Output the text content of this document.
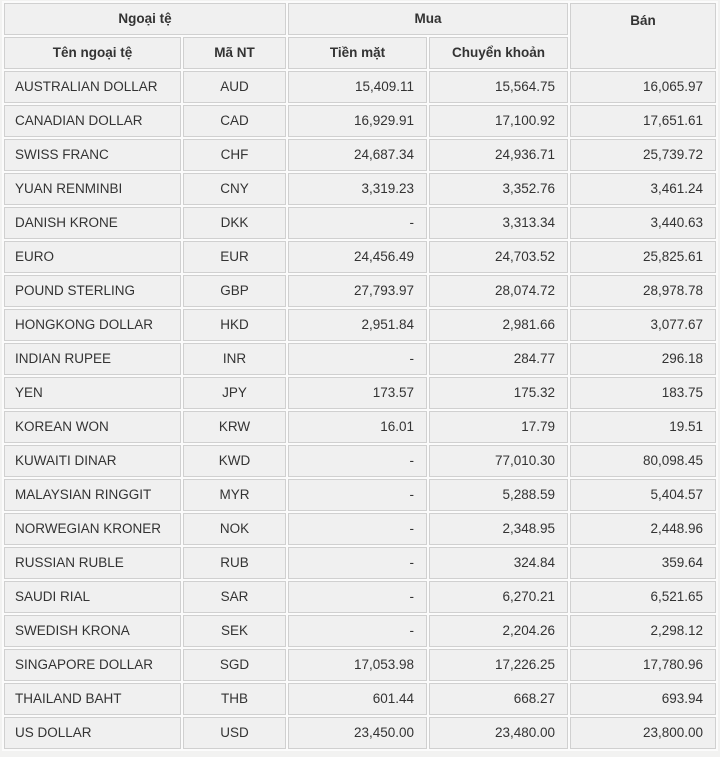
Ngoại tệ		Mua		Bán
Tên ngoại tệ	Mã NT	Tiền mặt	Chuyển khoản	
AUSTRALIAN DOLLAR	AUD	15,409.11	15,564.75	16,065.97
CANADIAN DOLLAR	CAD	16,929.91	17,100.92	17,651.61
SWISS FRANC	CHF	24,687.34	24,936.71	25,739.72
YUAN RENMINBI	CNY	3,319.23	3,352.76	3,461.24
DANISH KRONE	DKK	-	3,313.34	3,440.63
EURO	EUR	24,456.49	24,703.52	25,825.61
POUND STERLING	GBP	27,793.97	28,074.72	28,978.78
HONGKONG DOLLAR	HKD	2,951.84	2,981.66	3,077.67
INDIAN RUPEE	INR	-	284.77	296.18
YEN	JPY	173.57	175.32	183.75
KOREAN WON	KRW	16.01	17.79	19.51
KUWAITI DINAR	KWD	-	77,010.30	80,098.45
MALAYSIAN RINGGIT	MYR	-	5,288.59	5,404.57
NORWEGIAN KRONER	NOK	-	2,348.95	2,448.96
RUSSIAN RUBLE	RUB	-	324.84	359.64
SAUDI RIAL	SAR	-	6,270.21	6,521.65
SWEDISH KRONA	SEK	-	2,204.26	2,298.12
SINGAPORE DOLLAR	SGD	17,053.98	17,226.25	17,780.96
THAILAND BAHT	THB	601.44	668.27	693.94
US DOLLAR	USD	23,450.00	23,480.00	23,800.00
